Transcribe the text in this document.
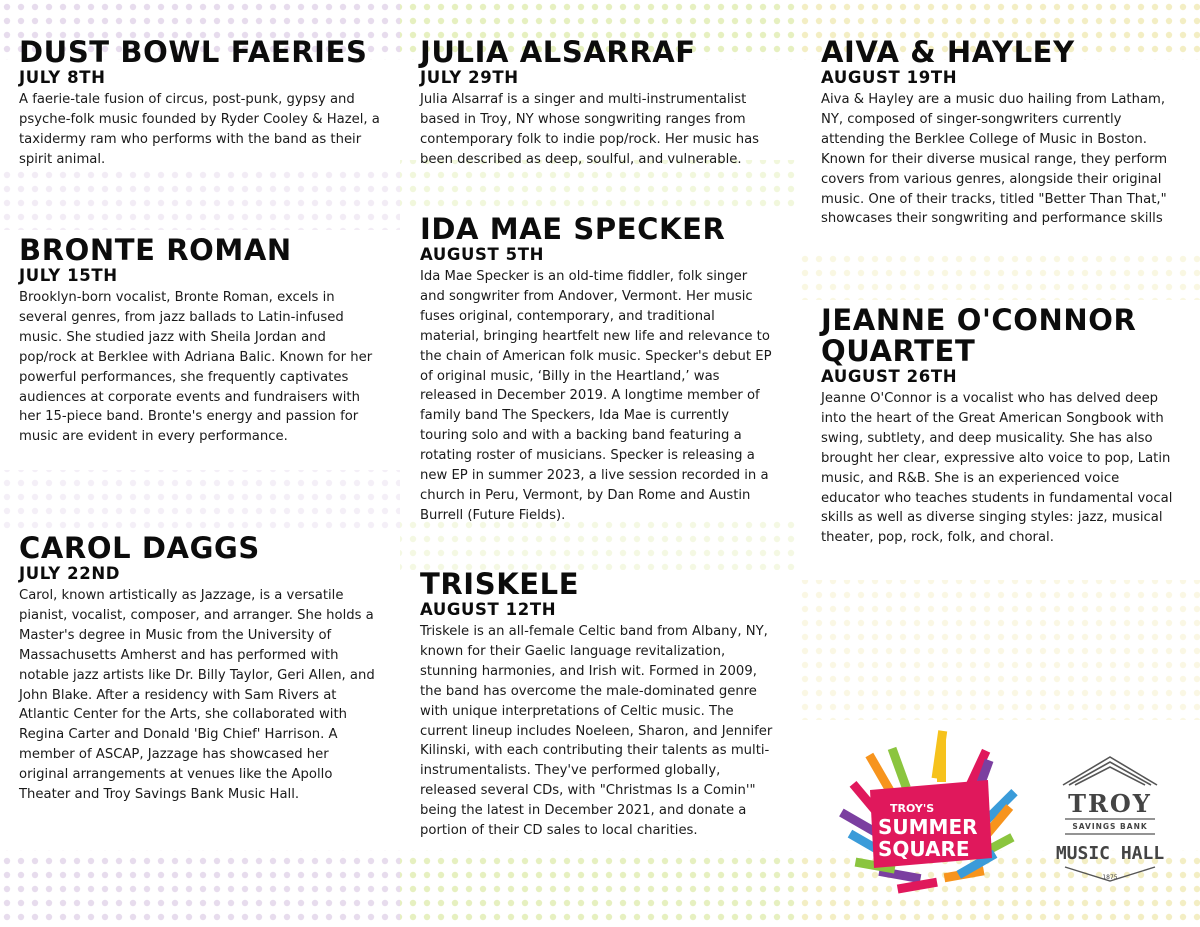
DUST BOWL FAERIES

JULY 8TH

A faerie-tale fusion of circus, post-punk, gypsy and psyche-folk music founded by Ryder Cooley & Hazel, a taxidermy ram who performs with the band as their spirit animal.

BRONTE ROMAN

JULY 15TH

Brooklyn-born vocalist, Bronte Roman, excels in several genres, from jazz ballads to Latin-infused music. She studied jazz with Sheila Jordan and pop/rock at Berklee with Adriana Balic. Known for her powerful performances, she frequently captivates audiences at corporate events and fundraisers with her 15-piece band. Bronte's energy and passion for music are evident in every performance.

CAROL DAGGS

JULY 22ND

Carol, known artistically as Jazzage, is a versatile pianist, vocalist, composer, and arranger. She holds a Master's degree in Music from the University of Massachusetts Amherst and has performed with notable jazz artists like Dr. Billy Taylor, Geri Allen, and John Blake. After a residency with Sam Rivers at Atlantic Center for the Arts, she collaborated with Regina Carter and Donald 'Big Chief' Harrison. A member of ASCAP, Jazzage has showcased her original arrangements at venues like the Apollo Theater and Troy Savings Bank Music Hall.

JULIA ALSARRAF

JULY 29TH

Julia Alsarraf is a singer and multi-instrumentalist based in Troy, NY whose songwriting ranges from contemporary folk to indie pop/rock. Her music has been described as deep, soulful, and vulnerable.

IDA MAE SPECKER

AUGUST 5TH

Ida Mae Specker is an old-time fiddler, folk singer and songwriter from Andover, Vermont. Her music fuses original, contemporary, and traditional material, bringing heartfelt new life and relevance to the chain of American folk music. Specker's debut EP of original music, ‘Billy in the Heartland,’ was released in December 2019. A longtime member of family band The Speckers, Ida Mae is currently touring solo and with a backing band featuring a rotating roster of musicians. Specker is releasing a new EP in summer 2023, a live session recorded in a church in Peru, Vermont, by Dan Rome and Austin Burrell (Future Fields).

TRISKELE

AUGUST 12TH

Triskele is an all-female Celtic band from Albany, NY, known for their Gaelic language revitalization, stunning harmonies, and Irish wit. Formed in 2009, the band has overcome the male-dominated genre with unique interpretations of Celtic music. The current lineup includes Noeleen, Sharon, and Jennifer Kilinski, with each contributing their talents as multi-instrumentalists. They've performed globally, released several CDs, with "Christmas Is a Comin'" being the latest in December 2021, and donate a portion of their CD sales to local charities.

AIVA & HAYLEY

AUGUST 19TH

Aiva & Hayley are a music duo hailing from Latham, NY, composed of singer-songwriters currently attending the Berklee College of Music in Boston. Known for their diverse musical range, they perform covers from various genres, alongside their original music. One of their tracks, titled "Better Than That," showcases their songwriting and performance skills

JEANNE O'CONNOR QUARTET

AUGUST 26TH

Jeanne O'Connor is a vocalist who has delved deep into the heart of the Great American Songbook with swing, subtlety, and deep musicality. She has also brought her clear, expressive alto voice to pop, Latin music, and R&B. She is an experienced voice educator who teaches students in fundamental vocal skills as well as diverse singing styles: jazz, musical theater, pop, rock, folk, and choral.

TROY'S
SUMMER
SQUARE
TROY
SAVINGS BANK
MUSIC HALL
1875
